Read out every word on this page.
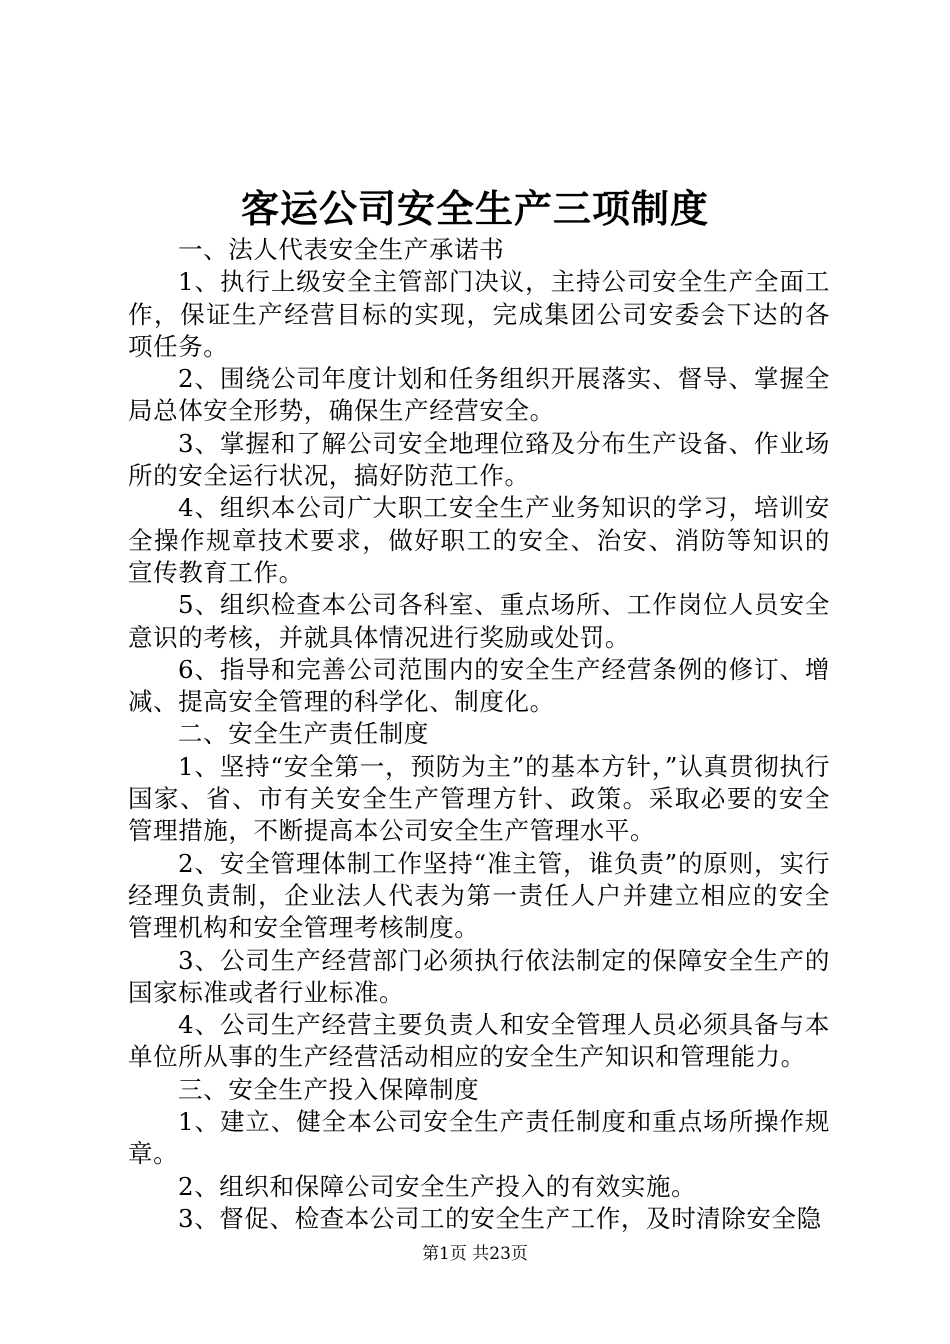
客运公司安全生产三项制度

一、法人代表安全生产承诺书

1、执行上级安全主管部门决议，主持公司安全生产全面工作，保证生产经营目标的实现，完成集团公司安委会下达的各项任务。

2、围绕公司年度计划和任务组织开展落实、督导、掌握全局总体安全形势，确保生产经营安全。

3、掌握和了解公司安全地理位臵及分布生产设备、作业场所的安全运行状况，搞好防范工作。

4、组织本公司广大职工安全生产业务知识的学习，培训安全操作规章技术要求，做好职工的安全、治安、消防等知识的宣传教育工作。

5、组织检查本公司各科室、重点场所、工作岗位人员安全意识的考核，并就具体情况进行奖励或处罚。

6、指导和完善公司范围内的安全生产经营条例的修订、增减、提高安全管理的科学化、制度化。

二、安全生产责任制度

1、坚持“安全第一，预防为主”的基本方针，”认真贯彻执行国家、省、市有关安全生产管理方针、政策。采取必要的安全管理措施，不断提高本公司安全生产管理水平。

2、安全管理体制工作坚持“准主管，谁负责”的原则，实行经理负责制，企业法人代表为第一责任人户并建立相应的安全管理机构和安全管理考核制度。

3、公司生产经营部门必须执行依法制定的保障安全生产的国家标准或者行业标准。

4、公司生产经营主要负责人和安全管理人员必须具备与本单位所从事的生产经营活动相应的安全生产知识和管理能力。

三、安全生产投入保障制度

1、建立、健全本公司安全生产责任制度和重点场所操作规章。

2、组织和保障公司安全生产投入的有效实施。

3、督促、检查本公司工的安全生产工作，及时清除安全隐

第1页 共23页
